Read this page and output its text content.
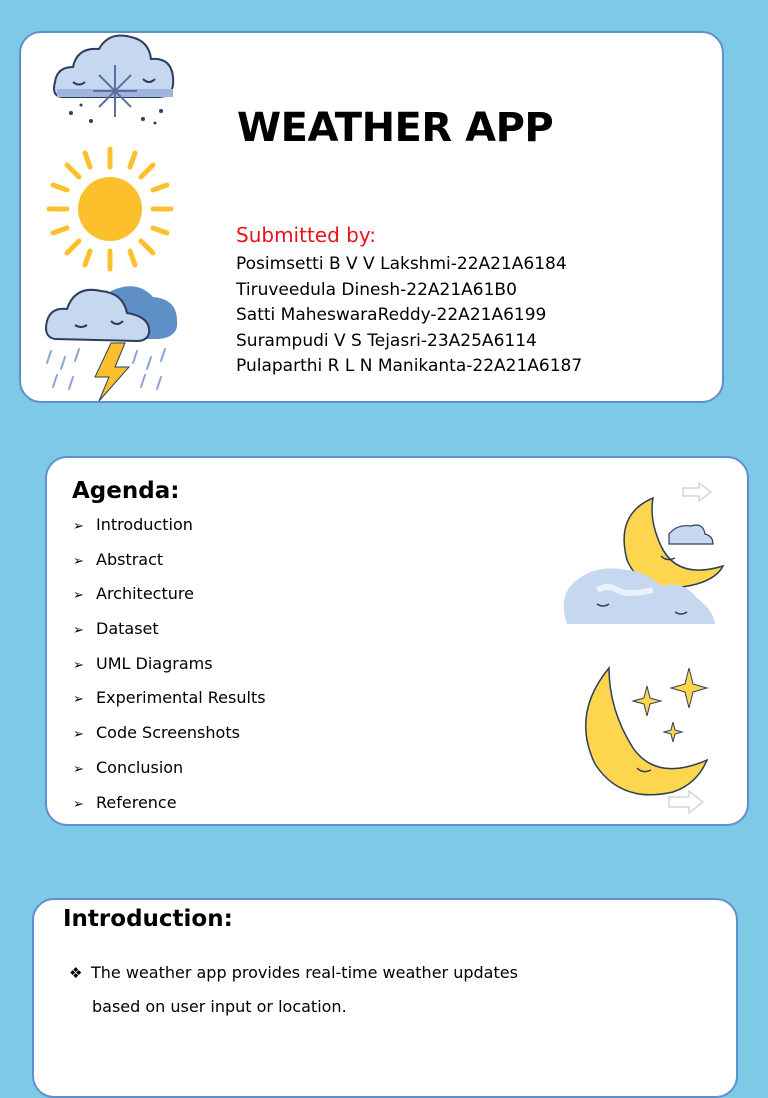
WEATHER APP
Submitted by:
Posimsetti B V V Lakshmi-22A21A6184
Tiruveedula Dinesh-22A21A61B0
Satti MaheswaraReddy-22A21A6199
Surampudi V S Tejasri-23A25A6114
Pulaparthi R L N Manikanta-22A21A6187
Agenda:
➢ Introduction
➢ Abstract
➢ Architecture
➢ Dataset
➢ UML Diagrams
➢ Experimental Results
➢ Code Screenshots
➢ Conclusion
➢ Reference
Introduction:
❖ The weather app provides real-time weather updates
based on user input or location.
